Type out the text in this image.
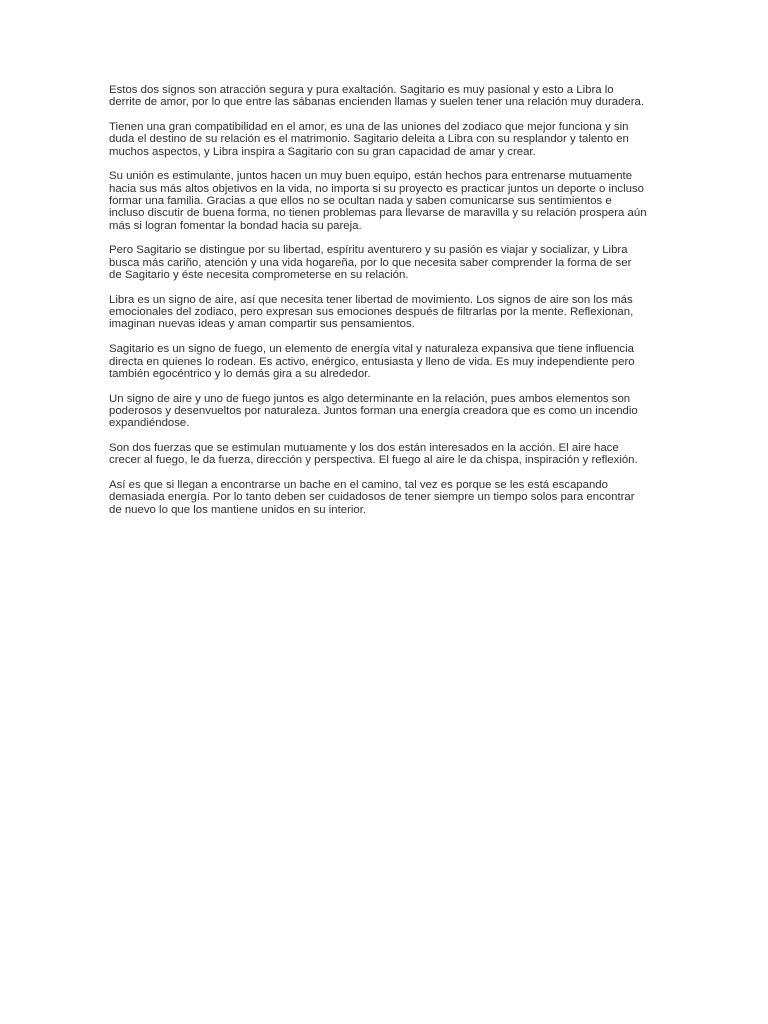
Estos dos signos son atracción segura y pura exaltación. Sagitario es muy pasional y esto a Libra lo
derrite de amor, por lo que entre las sábanas encienden llamas y suelen tener una relación muy duradera.

Tienen una gran compatibilidad en el amor, es una de las uniones del zodiaco que mejor funciona y sin
duda el destino de su relación es el matrimonio. Sagitario deleita a Libra con su resplandor y talento en
muchos aspectos, y Libra inspira a Sagitario con su gran capacidad de amar y crear.

Su unión es estimulante, juntos hacen un muy buen equipo, están hechos para entrenarse mutuamente
hacia sus más altos objetivos en la vida, no importa si su proyecto es practicar juntos un deporte o incluso
formar una familia. Gracias a que ellos no se ocultan nada y saben comunicarse sus sentimientos e
incluso discutir de buena forma, no tienen problemas para llevarse de maravilla y su relación prospera aún
más si logran fomentar la bondad hacia su pareja.

Pero Sagitario se distingue por su libertad, espíritu aventurero y su pasión es viajar y socializar, y Libra
busca más cariño, atención y una vida hogareña, por lo que necesita saber comprender la forma de ser
de Sagitario y éste necesita comprometerse en su relación.

Libra es un signo de aire, así que necesita tener libertad de movimiento. Los signos de aire son los más
emocionales del zodiaco, pero expresan sus emociones después de filtrarlas por la mente. Reflexionan,
imaginan nuevas ideas y aman compartir sus pensamientos.

Sagitario es un signo de fuego, un elemento de energía vital y naturaleza expansiva que tiene influencia
directa en quienes lo rodean. Es activo, enérgico, entusiasta y lleno de vida. Es muy independiente pero
también egocéntrico y lo demás gira a su alrededor.

Un signo de aire y uno de fuego juntos es algo determinante en la relación, pues ambos elementos son
poderosos y desenvueltos por naturaleza. Juntos forman una energía creadora que es como un incendio
expandiéndose.

Son dos fuerzas que se estimulan mutuamente y los dos están interesados en la acción. El aire hace
crecer al fuego, le da fuerza, dirección y perspectiva. El fuego al aire le da chispa, inspiración y reflexión.

Así es que si llegan a encontrarse un bache en el camino, tal vez es porque se les está escapando
demasiada energía. Por lo tanto deben ser cuidadosos de tener siempre un tiempo solos para encontrar
de nuevo lo que los mantiene unidos en su interior.
